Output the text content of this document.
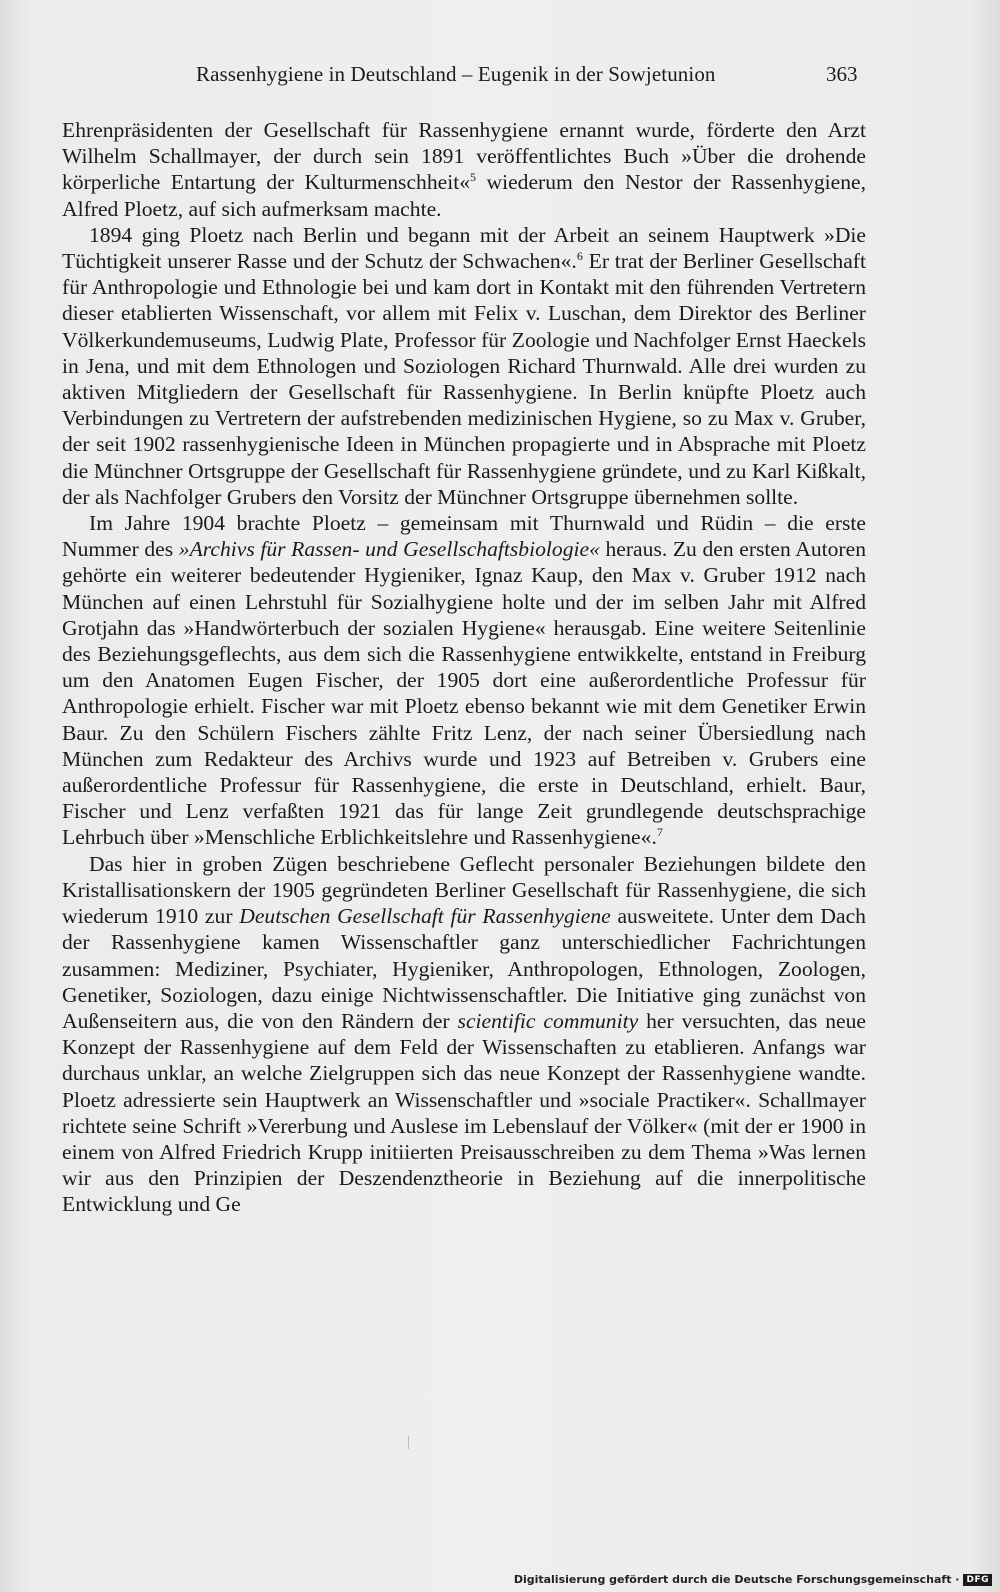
Rassenhygiene in Deutschland – Eugenik in der Sowjetunion	363

Ehrenpräsidenten der Gesellschaft für Rassenhygiene ernannt wurde, förderte den Arzt Wilhelm Schallmayer, der durch sein 1891 veröffentlichtes Buch »Über die drohende körperliche Entartung der Kulturmenschheit«$^5$ wiederum den Nestor der Rassenhygiene, Alfred Ploetz, auf sich aufmerksam machte.

1894 ging Ploetz nach Berlin und begann mit der Arbeit an seinem Hauptwerk »Die Tüchtigkeit unserer Rasse und der Schutz der Schwachen«.$^6$ Er trat der Berliner Gesellschaft für Anthropologie und Ethnologie bei und kam dort in Kontakt mit den führenden Vertretern dieser etablierten Wissenschaft, vor allem mit Felix v. Luschan, dem Direktor des Berliner Völkerkundemuseums, Ludwig Plate, Professor für Zoologie und Nachfolger Ernst Haeckels in Jena, und mit dem Ethnologen und Soziologen Richard Thurnwald. Alle drei wurden zu aktiven Mitgliedern der Gesellschaft für Rassenhygiene. In Berlin knüpfte Ploetz auch Verbindungen zu Vertretern der aufstrebenden medizinischen Hygiene, so zu Max v. Gruber, der seit 1902 rassenhygienische Ideen in München propagierte und in Absprache mit Ploetz die Münchner Ortsgruppe der Gesellschaft für Rassenhygiene gründete, und zu Karl Kißkalt, der als Nachfolger Grubers den Vorsitz der Münchner Ortsgruppe übernehmen sollte.

Im Jahre 1904 brachte Ploetz – gemeinsam mit Thurnwald und Rüdin – die erste Nummer des »Archivs für Rassen- und Gesellschaftsbiologie« heraus. Zu den ersten Autoren gehörte ein weiterer bedeutender Hygieniker, Ignaz Kaup, den Max v. Gruber 1912 nach München auf einen Lehrstuhl für Sozialhygiene holte und der im selben Jahr mit Alfred Grotjahn das »Handwörterbuch der sozialen Hygiene« herausgab. Eine weitere Seitenlinie des Beziehungsgeflechts, aus dem sich die Rassenhygiene entwikkelte, entstand in Freiburg um den Anatomen Eugen Fischer, der 1905 dort eine außerordentliche Professur für Anthropologie erhielt. Fischer war mit Ploetz ebenso bekannt wie mit dem Genetiker Erwin Baur. Zu den Schülern Fischers zählte Fritz Lenz, der nach seiner Übersiedlung nach München zum Redakteur des Archivs wurde und 1923 auf Betreiben v. Grubers eine außerordentliche Professur für Rassenhygiene, die erste in Deutschland, erhielt. Baur, Fischer und Lenz verfaßten 1921 das für lange Zeit grundlegende deutschsprachige Lehrbuch über »Menschliche Erblichkeitslehre und Rassenhygiene«.$^7$

Das hier in groben Zügen beschriebene Geflecht personaler Beziehungen bildete den Kristallisationskern der 1905 gegründeten Berliner Gesellschaft für Rassenhygiene, die sich wiederum 1910 zur Deutschen Gesellschaft für Rassenhygiene ausweitete. Unter dem Dach der Rassenhygiene kamen Wissenschaftler ganz unterschiedlicher Fachrichtungen zusammen: Mediziner, Psychiater, Hygieniker, Anthropologen, Ethnologen, Zoologen, Genetiker, Soziologen, dazu einige Nichtwissenschaftler. Die Initiative ging zunächst von Außenseitern aus, die von den Rändern der scientific community her versuchten, das neue Konzept der Rassenhygiene auf dem Feld der Wissenschaften zu etablieren. Anfangs war durchaus unklar, an welche Zielgruppen sich das neue Konzept der Rassenhygiene wandte. Ploetz adressierte sein Hauptwerk an Wissenschaftler und »sociale Practiker«. Schallmayer richtete seine Schrift »Vererbung und Auslese im Lebenslauf der Völker« (mit der er 1900 in einem von Alfred Friedrich Krupp initiierten Preisausschreiben zu dem Thema »Was lernen wir aus den Prinzipien der Deszendenztheorie in Beziehung auf die innerpolitische Entwicklung und Ge

Digitalisierung gefördert durch die Deutsche Forschungsgemeinschaft · DFG
